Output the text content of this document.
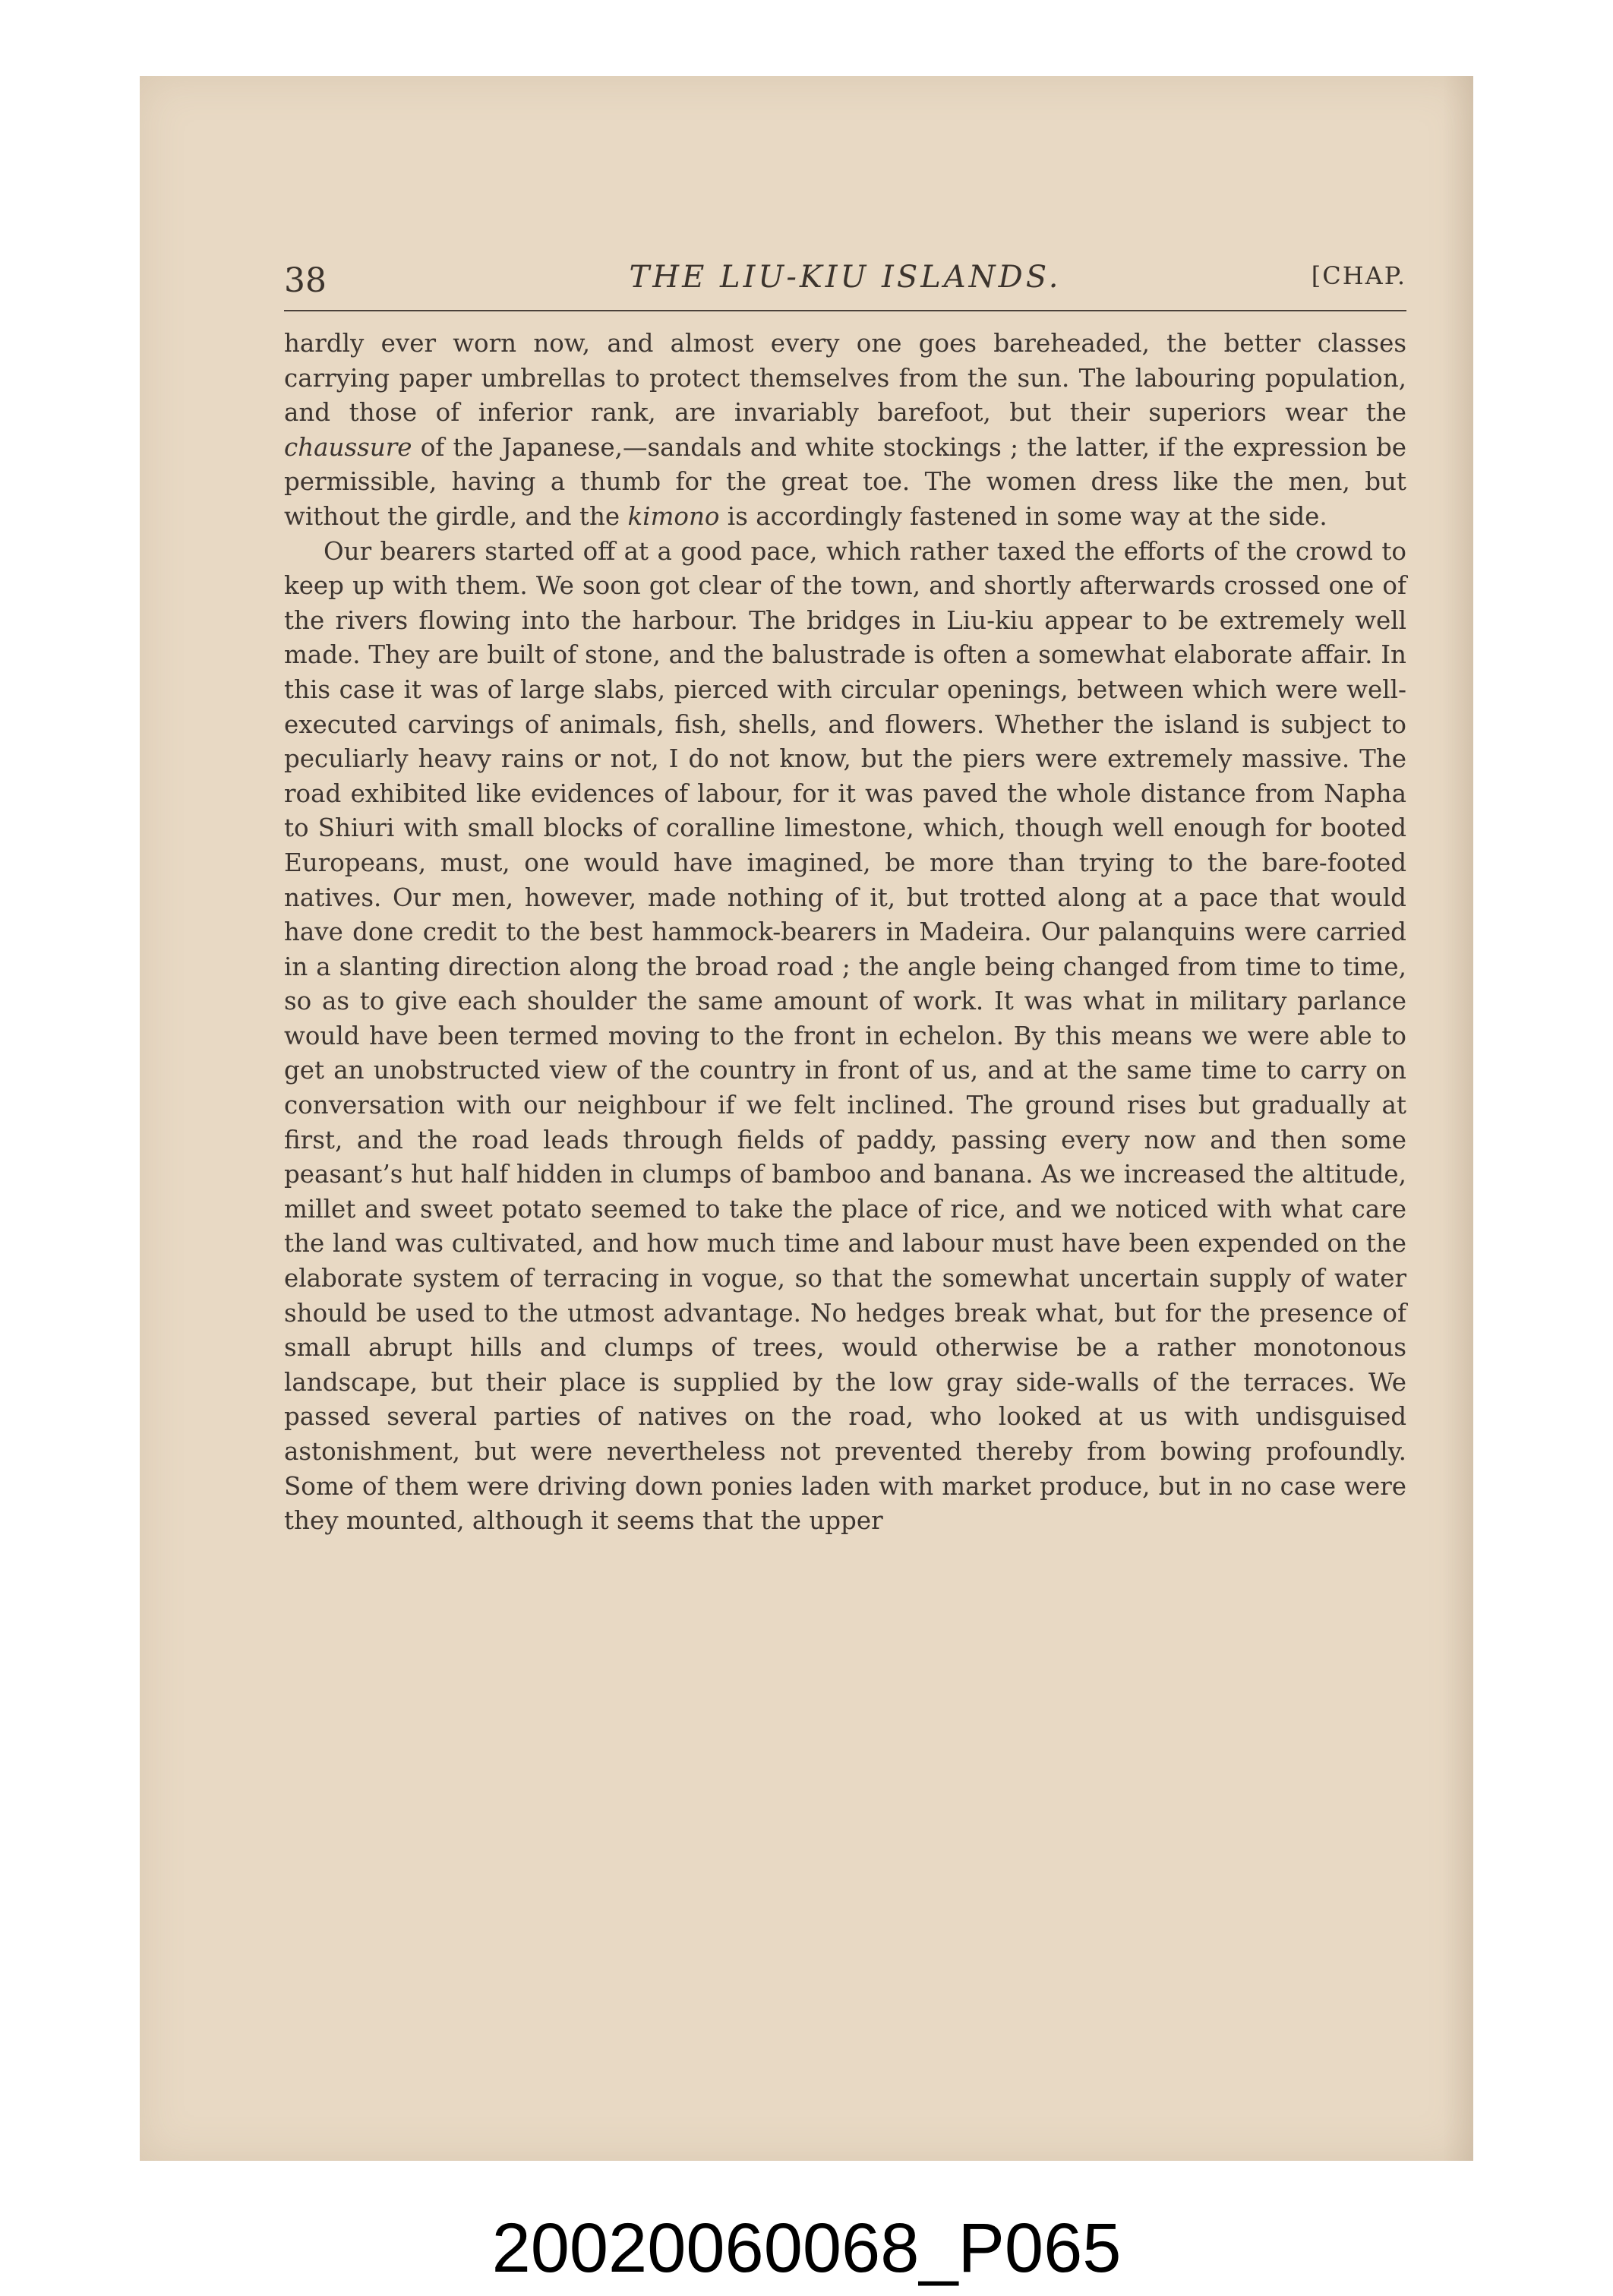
38	THE LIU-KIU ISLANDS.	[CHAP.

hardly ever worn now, and almost every one goes bareheaded, the better classes carrying paper umbrellas to protect themselves from the sun. The labouring population, and those of inferior rank, are invariably barefoot, but their superiors wear the chaussure of the Japanese,—sandals and white stockings ; the latter, if the expression be permissible, having a thumb for the great toe. The women dress like the men, but without the girdle, and the kimono is accordingly fastened in some way at the side.

Our bearers started off at a good pace, which rather taxed the efforts of the crowd to keep up with them. We soon got clear of the town, and shortly afterwards crossed one of the rivers flowing into the harbour. The bridges in Liu-kiu appear to be extremely well made. They are built of stone, and the balustrade is often a somewhat elaborate affair. In this case it was of large slabs, pierced with circular openings, between which were well-executed carvings of animals, fish, shells, and flowers. Whether the island is subject to peculiarly heavy rains or not, I do not know, but the piers were extremely massive. The road exhibited like evidences of labour, for it was paved the whole distance from Napha to Shiuri with small blocks of coralline limestone, which, though well enough for booted Europeans, must, one would have imagined, be more than trying to the bare-footed natives. Our men, however, made nothing of it, but trotted along at a pace that would have done credit to the best hammock-bearers in Madeira. Our palanquins were carried in a slanting direction along the broad road ; the angle being changed from time to time, so as to give each shoulder the same amount of work. It was what in military parlance would have been termed moving to the front in echelon. By this means we were able to get an unobstructed view of the country in front of us, and at the same time to carry on conversation with our neighbour if we felt inclined. The ground rises but gradually at first, and the road leads through fields of paddy, passing every now and then some peasant’s hut half hidden in clumps of bamboo and banana. As we increased the altitude, millet and sweet potato seemed to take the place of rice, and we noticed with what care the land was cultivated, and how much time and labour must have been expended on the elaborate system of terracing in vogue, so that the somewhat uncertain supply of water should be used to the utmost advantage. No hedges break what, but for the presence of small abrupt hills and clumps of trees, would otherwise be a rather monotonous landscape, but their place is supplied by the low gray side-walls of the terraces. We passed several parties of natives on the road, who looked at us with undisguised astonishment, but were nevertheless not prevented thereby from bowing profoundly. Some of them were driving down ponies laden with market produce, but in no case were they mounted, although it seems that the upper

20020060068_P065
